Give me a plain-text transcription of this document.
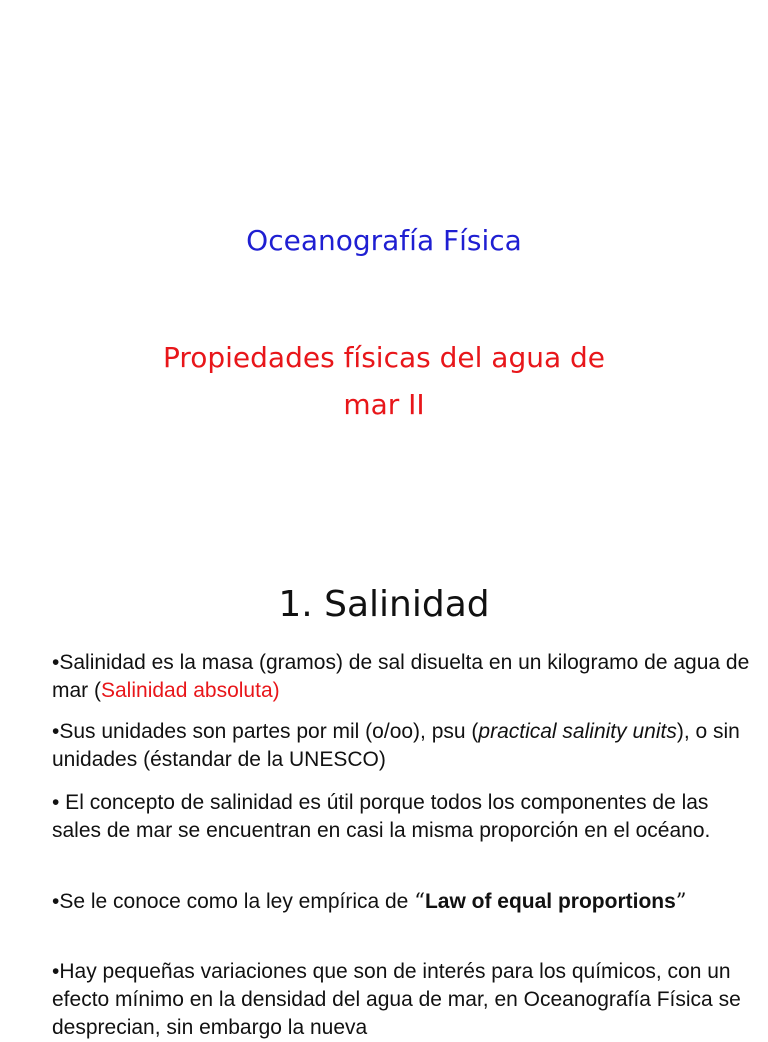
Oceanografía Física
Propiedades físicas del agua de mar II
1. Salinidad
•Salinidad es la masa (gramos) de sal disuelta en un kilogramo de agua de mar (Salinidad absoluta)
•Sus unidades son partes por mil (o/oo), psu (practical salinity units), o sin unidades (éstandar de la UNESCO)
• El concepto de salinidad es útil porque todos los componentes de las sales de mar se encuentran en casi la misma proporción en el océano.
•Se le conoce como la ley empírica de “Law of equal proportions”
•Hay pequeñas variaciones que son de interés para los químicos, con un efecto mínimo en la densidad del agua de mar, en Oceanografía Física se desprecian, sin embargo la nueva
